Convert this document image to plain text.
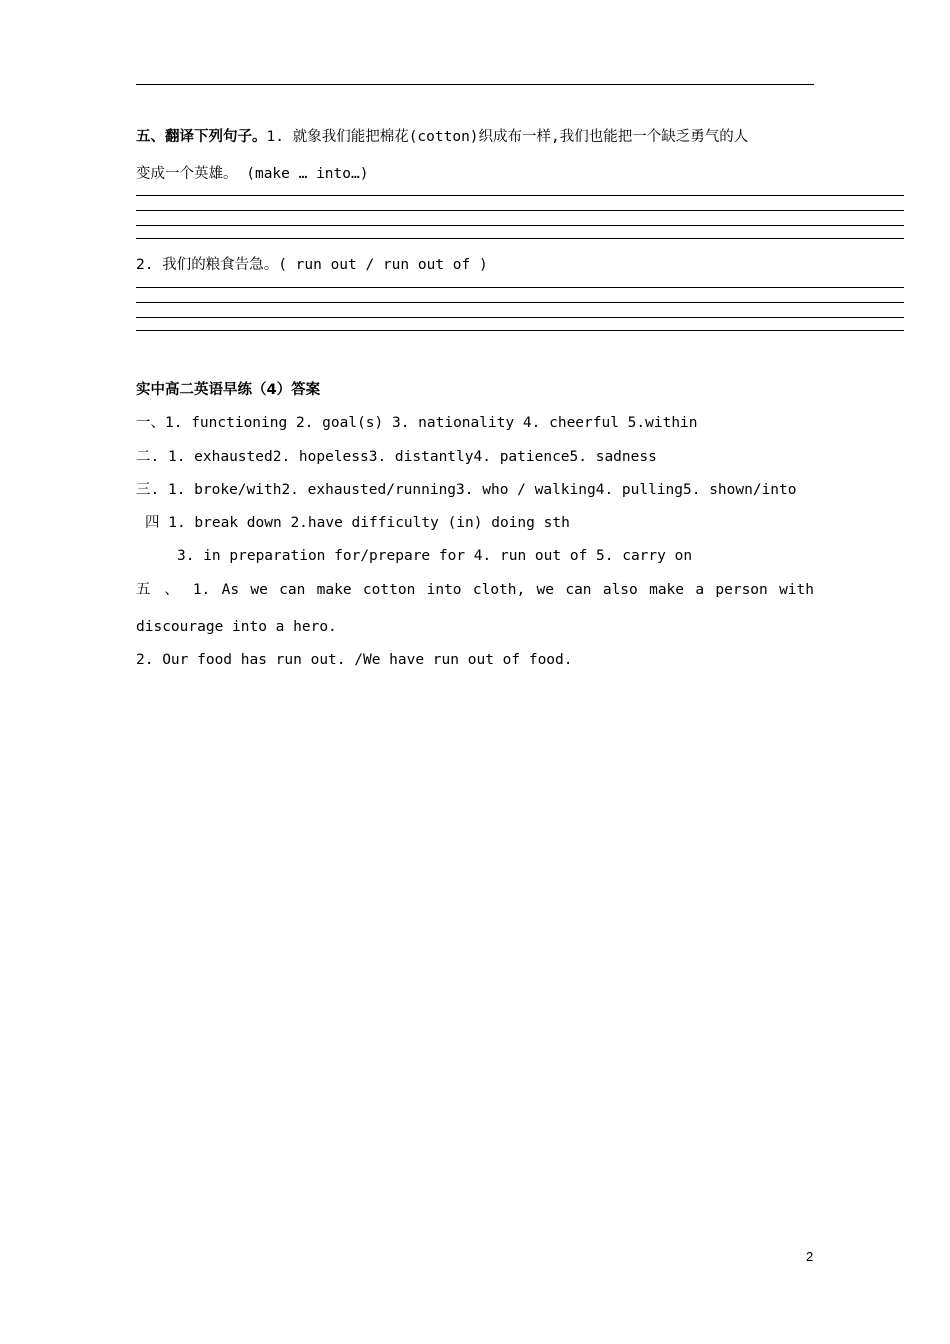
五、翻译下列句子。1. 就象我们能把棉花(cotton)织成布一样,我们也能把一个缺乏勇气的人
变成一个英雄。 (make … into…)
2. 我们的粮食告急。( run out / run out of )
实中高二英语早练（4）答案
一、1. functioning 2. goal(s) 3. nationality 4. cheerful 5.within
二. 1. exhausted2. hopeless3. distantly4. patience5. sadness
三. 1. broke/with2. exhausted/running3. who / walking4. pulling5. shown/into
四 1. break down 2.have difficulty (in) doing sth
3. in preparation for/prepare for 4. run out of 5. carry on
五 、 1. As we can make cotton into cloth, we can also make a person with
discourage into a hero.
2. Our food has run out. /We have run out of food.
2
